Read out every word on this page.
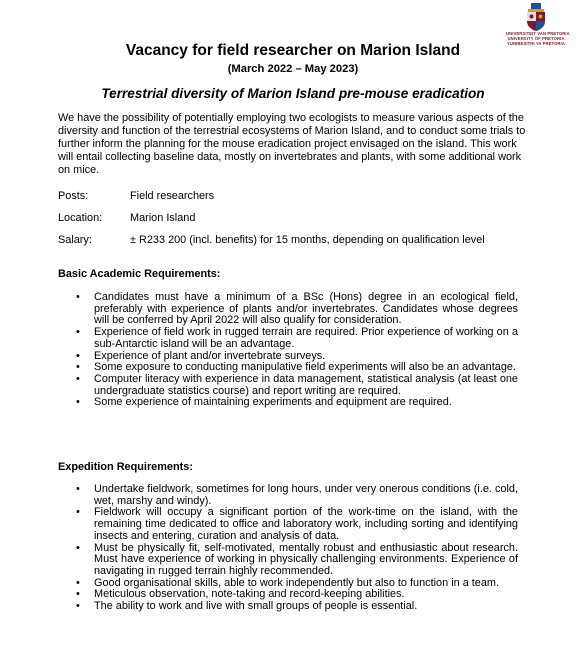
UNIVERSITEIT VAN PRETORIA
UNIVERSITY OF PRETORIA
YUNIBESITHI YA PRETORIA
Vacancy for field researcher on Marion Island
(March 2022 – May 2023)
Terrestrial diversity of Marion Island pre-mouse eradication

We have the possibility of potentially employing two ecologists to measure various aspects of the diversity and function of the terrestrial ecosystems of Marion Island, and to conduct some trials to further inform the planning for the mouse eradication project envisaged on the island. This work will entail collecting baseline data, mostly on invertebrates and plants, with some additional work on mice.

Posts:	Field researchers
Location:	Marion Island
Salary:	± R233 200 (incl. benefits) for 15 months, depending on qualification level
Basic Academic Requirements:
• Candidates must have a minimum of a BSc (Hons) degree in an ecological field, preferably with experience of plants and/or invertebrates. Candidates whose degrees will be conferred by April 2022 will also qualify for consideration.
• Experience of field work in rugged terrain are required. Prior experience of working on a sub-Antarctic island will be an advantage.
• Experience of plant and/or invertebrate surveys.
• Some exposure to conducting manipulative field experiments will also be an advantage.
• Computer literacy with experience in data management, statistical analysis (at least one undergraduate statistics course) and report writing are required.
• Some experience of maintaining experiments and equipment are required.
Expedition Requirements:
• Undertake fieldwork, sometimes for long hours, under very onerous conditions (i.e. cold, wet, marshy and windy).
• Fieldwork will occupy a significant portion of the work-time on the island, with the remaining time dedicated to office and laboratory work, including sorting and identifying insects and entering, curation and analysis of data.
• Must be physically fit, self-motivated, mentally robust and enthusiastic about research. Must have experience of working in physically challenging environments. Experience of navigating in rugged terrain highly recommended.
• Good organisational skills, able to work independently but also to function in a team.
• Meticulous observation, note-taking and record-keeping abilities.
• The ability to work and live with small groups of people is essential.
